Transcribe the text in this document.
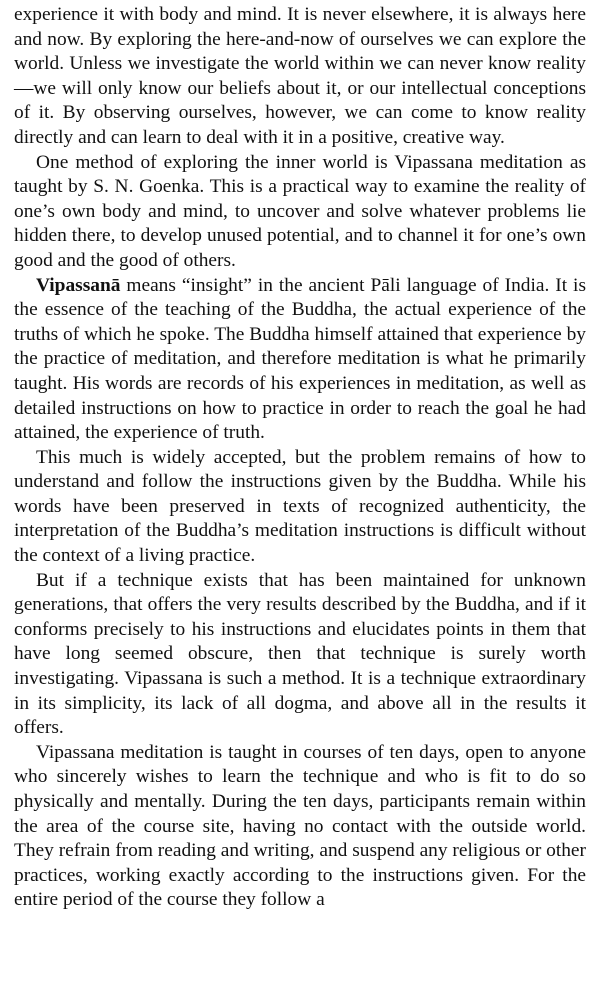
experience it with body and mind. It is never elsewhere, it is always here and now. By exploring the here-and-now of ourselves we can explore the world. Unless we investigate the world within we can never know reality—we will only know our beliefs about it, or our intellectual conceptions of it. By observing ourselves, however, we can come to know reality directly and can learn to deal with it in a positive, creative way.

One method of exploring the inner world is Vipassana meditation as taught by S. N. Goenka. This is a practical way to examine the reality of one’s own body and mind, to uncover and solve whatever problems lie hidden there, to develop unused potential, and to channel it for one’s own good and the good of others.

Vipassanā means “insight” in the ancient Pāli language of India. It is the essence of the teaching of the Buddha, the actual experience of the truths of which he spoke. The Buddha himself attained that experience by the practice of meditation, and therefore meditation is what he primarily taught. His words are records of his experiences in meditation, as well as detailed instructions on how to practice in order to reach the goal he had attained, the experience of truth.

This much is widely accepted, but the problem remains of how to understand and follow the instructions given by the Buddha. While his words have been preserved in texts of recognized authenticity, the interpretation of the Buddha’s meditation instructions is difficult without the context of a living practice.

But if a technique exists that has been maintained for unknown generations, that offers the very results described by the Buddha, and if it conforms precisely to his instructions and elucidates points in them that have long seemed obscure, then that technique is surely worth investigating. Vipassana is such a method. It is a technique extraordinary in its simplicity, its lack of all dogma, and above all in the results it offers.

Vipassana meditation is taught in courses of ten days, open to anyone who sincerely wishes to learn the technique and who is fit to do so physically and mentally. During the ten days, participants remain within the area of the course site, having no contact with the outside world. They refrain from reading and writing, and suspend any religious or other practices, working exactly according to the instructions given. For the entire period of the course they follow a
